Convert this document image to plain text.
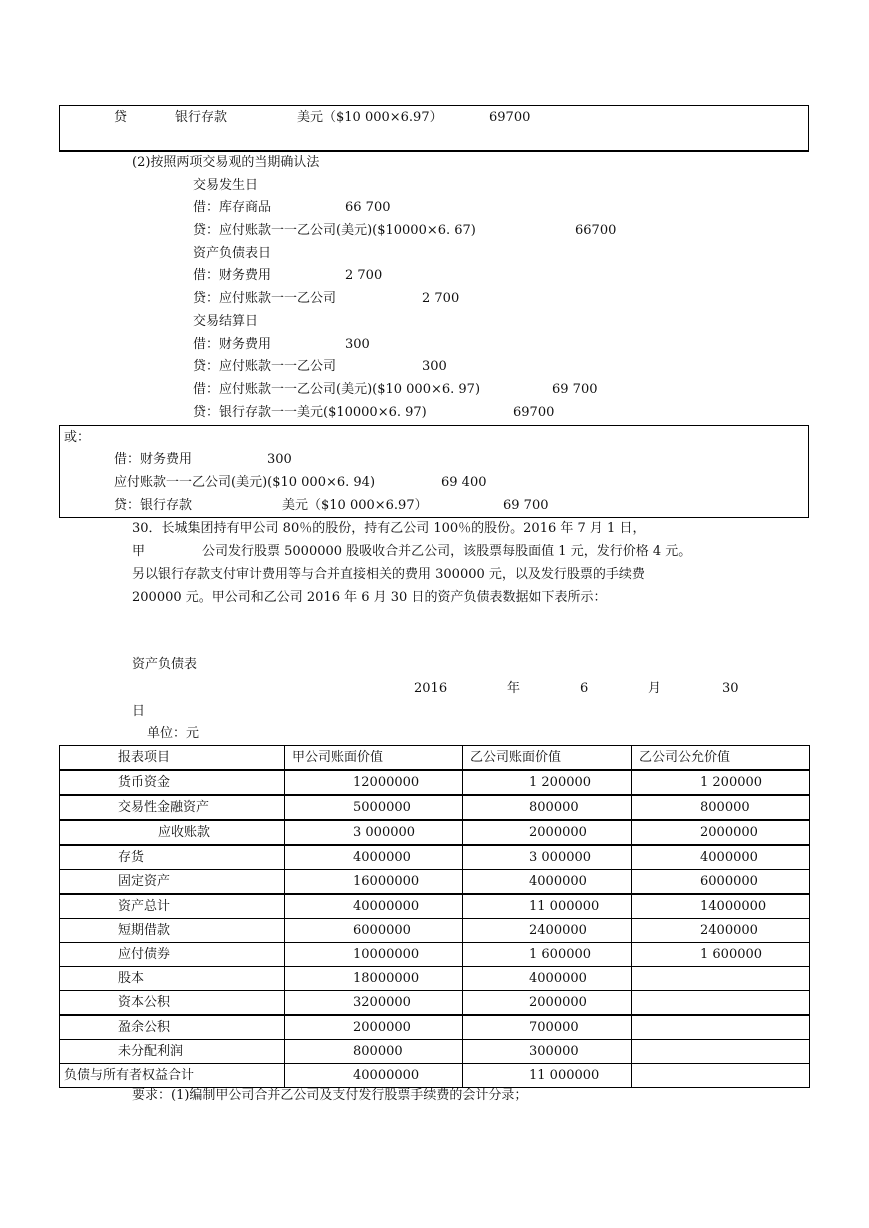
贷	银行存款	美元（$10 000×6.97）	69700
(2)按照两项交易观的当期确认法
交易发生日
借：库存商品	66 700
贷：应付账款一一乙公司(美元)($10000×6. 67)	66700
资产负债表日
借：财务费用	2 700
贷：应付账款一一乙公司	2 700
交易结算日
借：财务费用	300
贷：应付账款一一乙公司	300
借：应付账款一一乙公司(美元)($10 000×6. 97)	69 700
贷：银行存款一一美元($10000×6. 97)	69700
或：
借：财务费用	300
应付账款一一乙公司(美元)($10 000×6. 94)	69 400
贷：银行存款	美元（$10 000×6.97）	69 700
30．长城集团持有甲公司 80％的股份，持有乙公司 100％的股份。2016 年 7 月 1 日，
甲	公司发行股票 5000000 股吸收合并乙公司，该股票每股面值 1 元，发行价格 4 元。
另以银行存款支付审计费用等与合并直接相关的费用 300000 元，以及发行股票的手续费
200000 元。甲公司和乙公司 2016 年 6 月 30 日的资产负债表数据如下表所示：
资产负债表
2016	年	6	月	30
日
单位：元
报表项目	甲公司账面价值	乙公司账面价值	乙公司公允价值
货币资金	12000000	1 200000	1 200000
交易性金融资产	5000000	800000	800000
应收账款	3 000000	2000000	2000000
存货	4000000	3 000000	4000000
固定资产	16000000	4000000	6000000
资产总计	40000000	11 000000	14000000
短期借款	6000000	2400000	2400000
应付债券	10000000	1 600000	1 600000
股本	18000000	4000000	
资本公积	3200000	2000000	
盈余公积	2000000	700000	
未分配利润	800000	300000	
负债与所有者权益合计	40000000	11 000000	
要求：(1)编制甲公司合并乙公司及支付发行股票手续费的会计分录；
